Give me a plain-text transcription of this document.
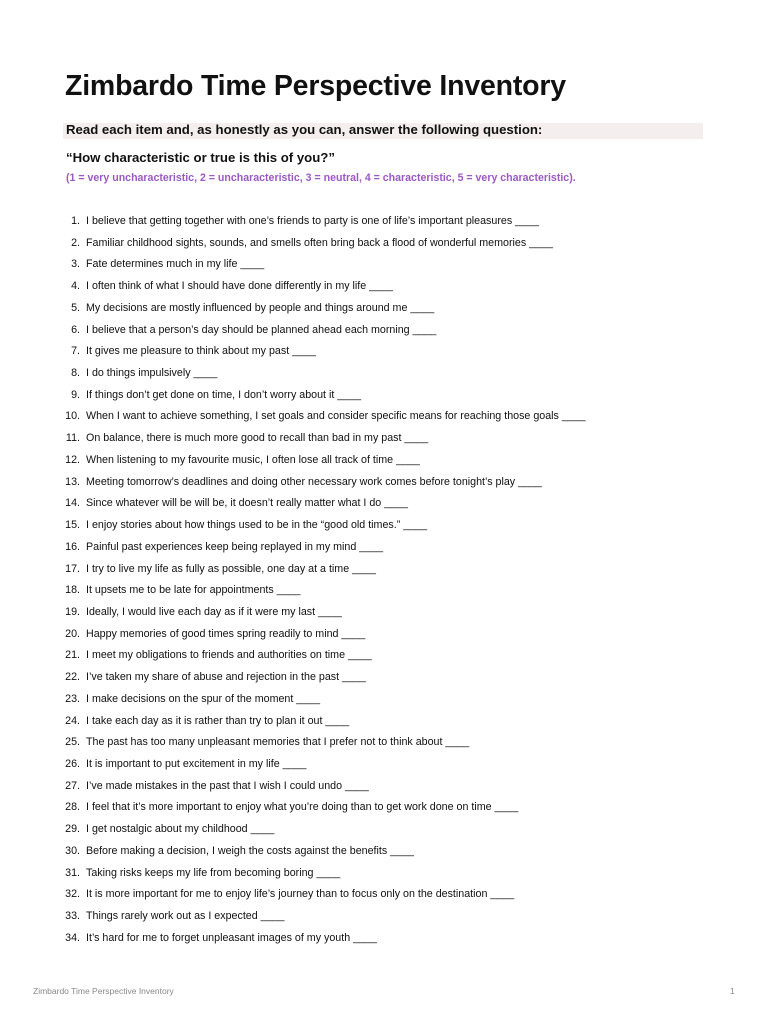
Zimbardo Time Perspective Inventory
Read each item and, as honestly as you can, answer the following question:
“How characteristic or true is this of you?”
(1 = very uncharacteristic, 2 = uncharacteristic, 3 = neutral, 4 = characteristic, 5 = very characteristic).
1. I believe that getting together with one’s friends to party is one of life’s important pleasures ____
2. Familiar childhood sights, sounds, and smells often bring back a flood of wonderful memories ____
3. Fate determines much in my life ____
4. I often think of what I should have done differently in my life ____
5. My decisions are mostly influenced by people and things around me ____
6. I believe that a person’s day should be planned ahead each morning ____
7. It gives me pleasure to think about my past ____
8. I do things impulsively ____
9. If things don’t get done on time, I don’t worry about it ____
10. When I want to achieve something, I set goals and consider specific means for reaching those goals ____
11. On balance, there is much more good to recall than bad in my past ____
12. When listening to my favourite music, I often lose all track of time ____
13. Meeting tomorrow’s deadlines and doing other necessary work comes before tonight’s play ____
14. Since whatever will be will be, it doesn’t really matter what I do ____
15. I enjoy stories about how things used to be in the “good old times.” ____
16. Painful past experiences keep being replayed in my mind ____
17. I try to live my life as fully as possible, one day at a time ____
18. It upsets me to be late for appointments ____
19. Ideally, I would live each day as if it were my last ____
20. Happy memories of good times spring readily to mind ____
21. I meet my obligations to friends and authorities on time ____
22. I’ve taken my share of abuse and rejection in the past ____
23. I make decisions on the spur of the moment ____
24. I take each day as it is rather than try to plan it out ____
25. The past has too many unpleasant memories that I prefer not to think about ____
26. It is important to put excitement in my life ____
27. I’ve made mistakes in the past that I wish I could undo ____
28. I feel that it’s more important to enjoy what you’re doing than to get work done on time ____
29. I get nostalgic about my childhood ____
30. Before making a decision, I weigh the costs against the benefits ____
31. Taking risks keeps my life from becoming boring ____
32. It is more important for me to enjoy life’s journey than to focus only on the destination ____
33. Things rarely work out as I expected ____
34. It’s hard for me to forget unpleasant images of my youth ____
Zimbardo Time Perspective Inventory	1
